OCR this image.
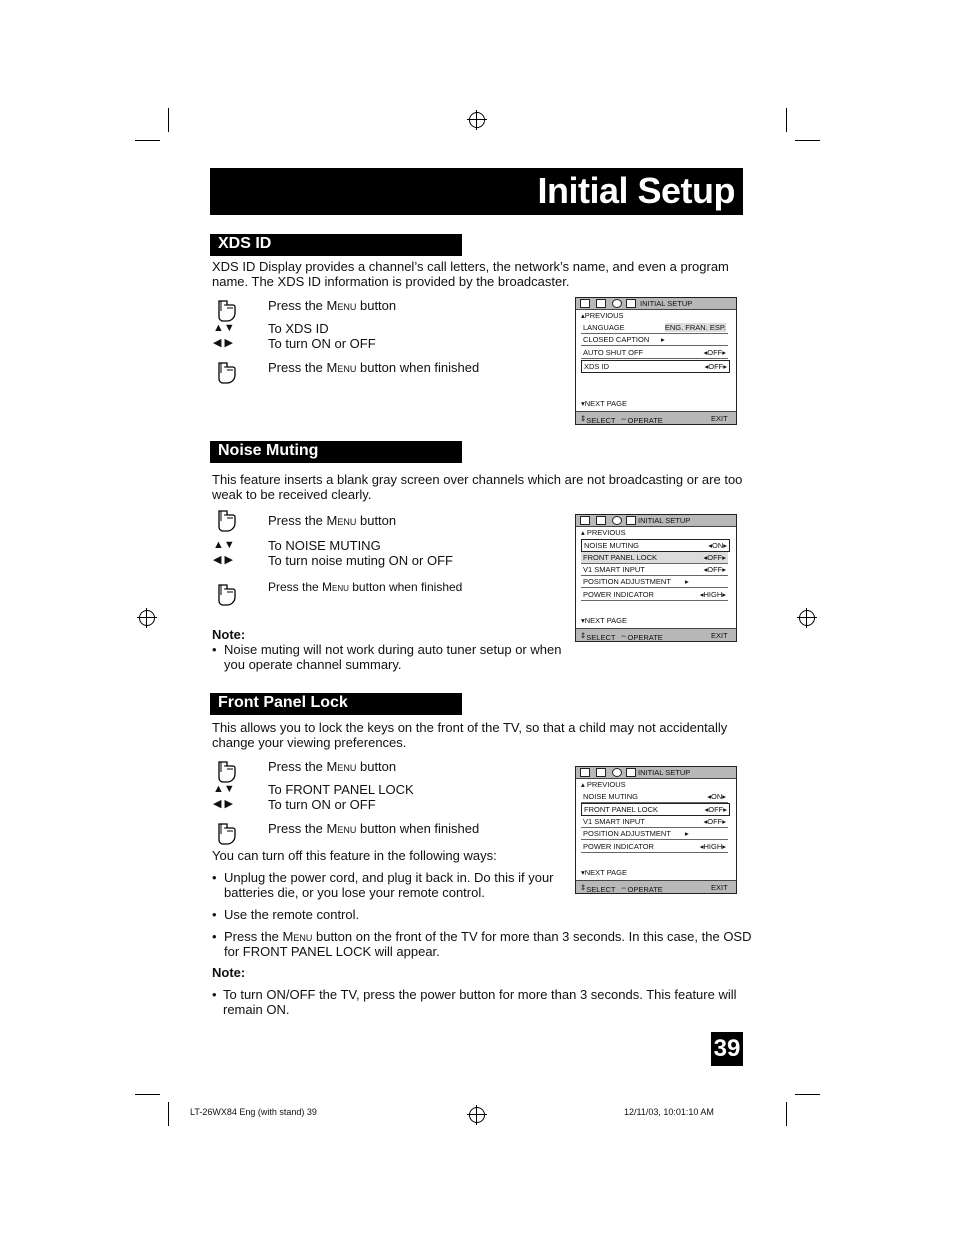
Initial Setup
XDS ID
XDS ID Display provides a channel’s call letters, the network’s name, and even a program
name. The XDS ID information is provided by the broadcaster.
Press the Menu button
▲▼	To XDS ID
◀ ▶	To turn ON or OFF
Press the Menu button when finished
INITIAL SETUP
▴PREVIOUS
LANGUAGE	ENG. FRAN. ESP.
CLOSED CAPTION ▸
AUTO SHUT OFF	◂OFF▸
XDS ID	◂OFF▸
▾NEXT PAGE
⇕ SELECT ⇔ OPERATE	EXIT
Noise Muting
This feature inserts a blank gray screen over channels which are not broadcasting or are too
weak to be received clearly.
Press the Menu button
▲▼	To NOISE MUTING
◀ ▶	To turn noise muting ON or OFF
Press the Menu button when finished
Note:
• Noise muting will not work during auto tuner setup or when
you operate channel summary.
INITIAL SETUP
▴ PREVIOUS
NOISE MUTING	◂ON▸
FRONT PANEL LOCK	◂OFF▸
V1 SMART INPUT	◂OFF▸
POSITION ADJUSTMENT ▸
POWER INDICATOR	◂HIGH▸
▾NEXT PAGE
⇕ SELECT ⇔ OPERATE	EXIT
Front Panel Lock
This allows you to lock the keys on the front of the TV, so that a child may not accidentally
change your viewing preferences.
Press the Menu button
▲▼	To FRONT PANEL LOCK
◀ ▶	To turn ON or OFF
Press the Menu button when finished
You can turn off this feature in the following ways:
• Unplug the power cord, and plug it back in. Do this if your
batteries die, or you lose your remote control.
• Use the remote control.
• Press the Menu button on the front of the TV for more than 3 seconds. In this case, the OSD
for FRONT PANEL LOCK will appear.
Note:
• To turn ON/OFF the TV, press the power button for more than 3 seconds. This feature will
remain ON.
INITIAL SETUP
▴ PREVIOUS
NOISE MUTING	◂ON▸
FRONT PANEL LOCK	◂OFF▸
V1 SMART INPUT	◂OFF▸
POSITION ADJUSTMENT ▸
POWER INDICATOR	◂HIGH▸
▾NEXT PAGE
⇕ SELECT ⇔ OPERATE	EXIT
39
LT-26WX84 Eng (with stand) 39	12/11/03, 10:01:10 AM
